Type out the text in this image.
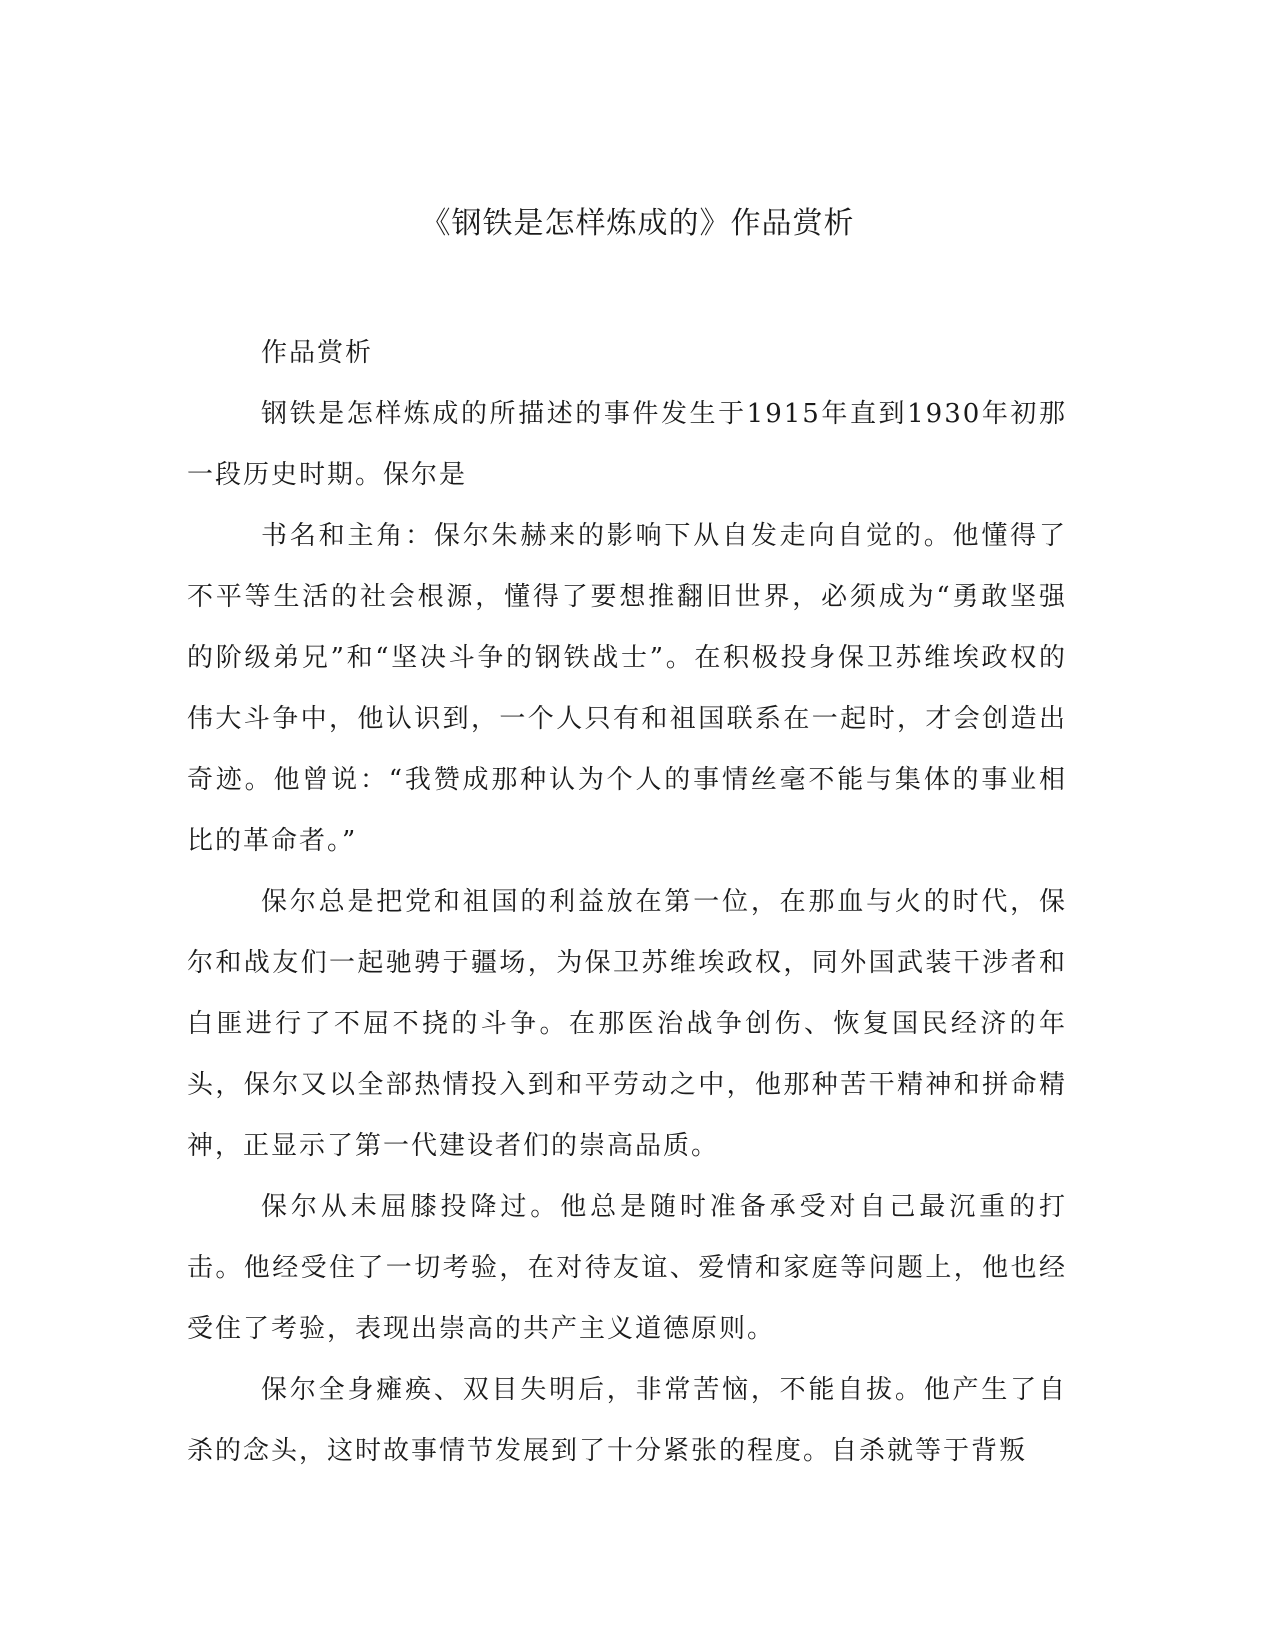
《钢铁是怎样炼成的》作品赏析

作品赏析

钢铁是怎样炼成的所描述的事件发生于1915年直到1930年初那一段历史时期。保尔是

书名和主角：保尔朱赫来的影响下从自发走向自觉的。他懂得了不平等生活的社会根源，懂得了要想推翻旧世界，必须成为“勇敢坚强的阶级弟兄”和“坚决斗争的钢铁战士”。在积极投身保卫苏维埃政权的伟大斗争中，他认识到，一个人只有和祖国联系在一起时，才会创造出奇迹。他曾说：“我赞成那种认为个人的事情丝毫不能与集体的事业相比的革命者。”

保尔总是把党和祖国的利益放在第一位，在那血与火的时代，保尔和战友们一起驰骋于疆场，为保卫苏维埃政权，同外国武装干涉者和白匪进行了不屈不挠的斗争。在那医治战争创伤、恢复国民经济的年头，保尔又以全部热情投入到和平劳动之中，他那种苦干精神和拼命精神，正显示了第一代建设者们的崇高品质。

保尔从未屈膝投降过。他总是随时准备承受对自己最沉重的打击。他经受住了一切考验，在对待友谊、爱情和家庭等问题上，他也经受住了考验，表现出崇高的共产主义道德原则。

保尔全身瘫痪、双目失明后，非常苦恼，不能自拔。他产生了自杀的念头，这时故事情节发展到了十分紧张的程度。自杀就等于背叛
